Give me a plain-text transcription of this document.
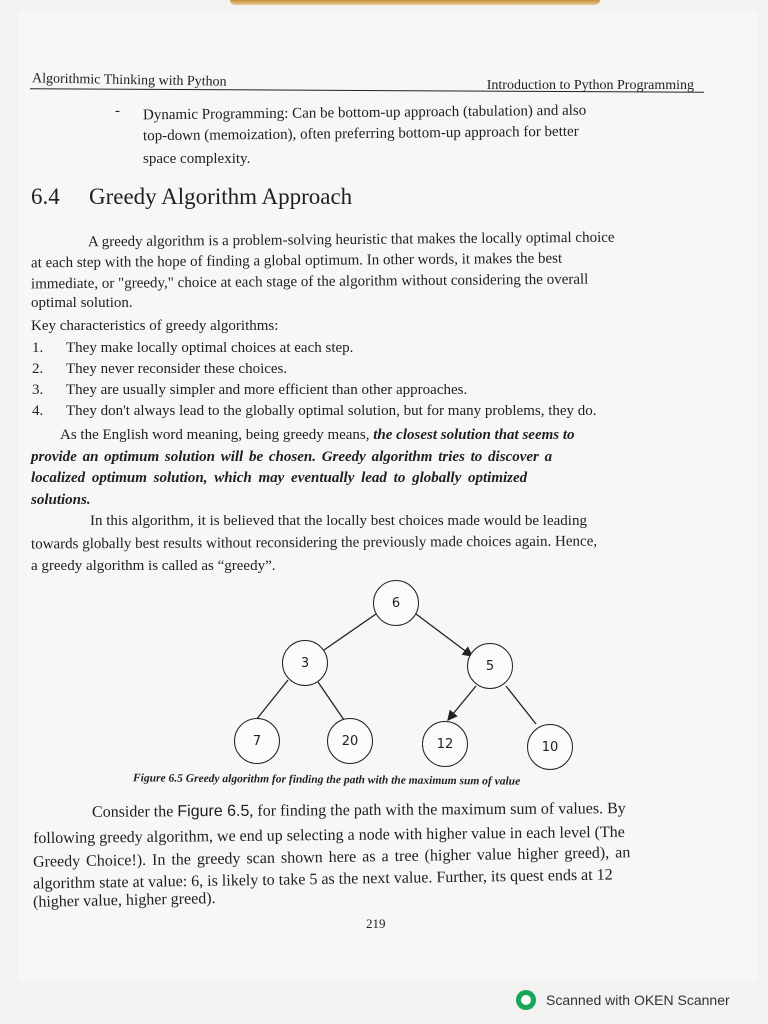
Algorithmic Thinking with Python	Introduction to Python Programming
- Dynamic Programming: Can be bottom-up approach (tabulation) and also
top-down (memoization), often preferring bottom-up approach for better
space complexity.
6.4 Greedy Algorithm Approach
A greedy algorithm is a problem-solving heuristic that makes the locally optimal choice
at each step with the hope of finding a global optimum. In other words, it makes the best
immediate, or "greedy," choice at each stage of the algorithm without considering the overall
optimal solution.
Key characteristics of greedy algorithms:
1. They make locally optimal choices at each step.
2. They never reconsider these choices.
3. They are usually simpler and more efficient than other approaches.
4. They don't always lead to the globally optimal solution, but for many problems, they do.
As the English word meaning, being greedy means, the closest solution that seems to
provide an optimum solution will be chosen. Greedy algorithm tries to discover a
localized optimum solution, which may eventually lead to globally optimized
solutions.
In this algorithm, it is believed that the locally best choices made would be leading
towards globally best results without reconsidering the previously made choices again. Hence,
a greedy algorithm is called as “greedy”.
6
3	5
7	20	12	10
Figure 6.5 Greedy algorithm for finding the path with the maximum sum of value
Consider the Figure 6.5, for finding the path with the maximum sum of values. By
following greedy algorithm, we end up selecting a node with higher value in each level (The
Greedy Choice!). In the greedy scan shown here as a tree (higher value higher greed), an
algorithm state at value: 6, is likely to take 5 as the next value. Further, its quest ends at 12
(higher value, higher greed).
219
Scanned with OKEN Scanner
